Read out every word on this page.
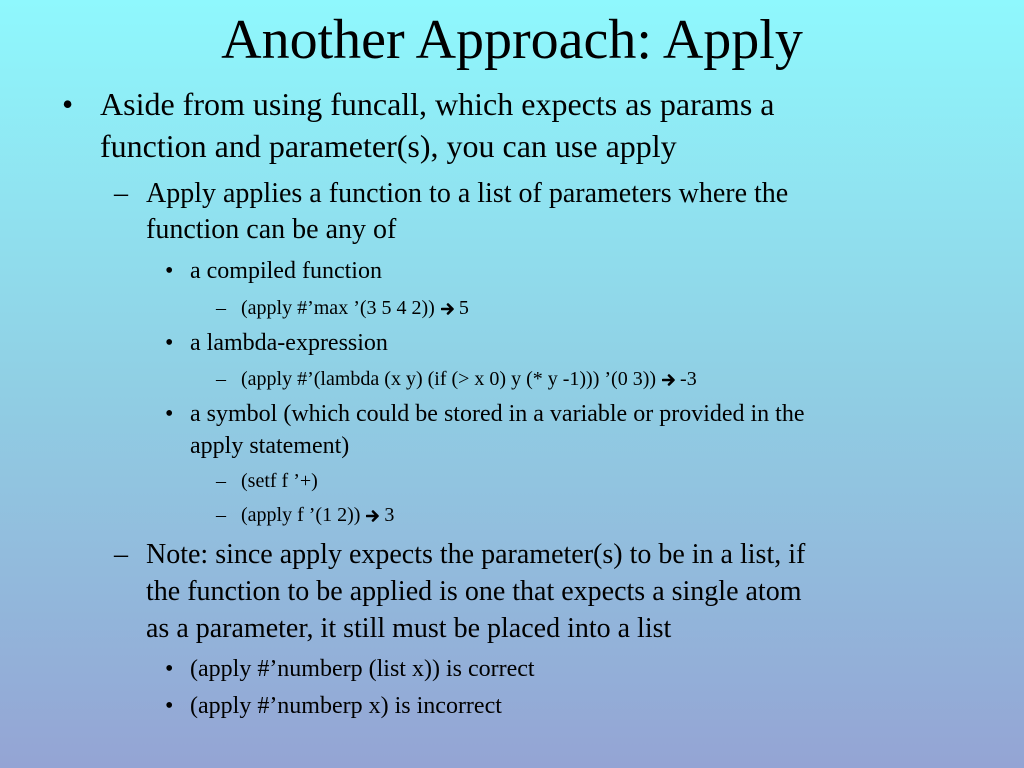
Another Approach: Apply
• Aside from using funcall, which expects as params a
function and parameter(s), you can use apply
– Apply applies a function to a list of parameters where the
function can be any of
• a compiled function
– (apply #’max ’(3 5 4 2)) 5
• a lambda-expression
– (apply #’(lambda (x y) (if (> x 0) y (* y -1))) ’(0 3)) -3
• a symbol (which could be stored in a variable or provided in the
apply statement)
– (setf f ’+)
– (apply f ’(1 2)) 3
– Note: since apply expects the parameter(s) to be in a list, if
the function to be applied is one that expects a single atom
as a parameter, it still must be placed into a list
• (apply #’numberp (list x)) is correct
• (apply #’numberp x) is incorrect
